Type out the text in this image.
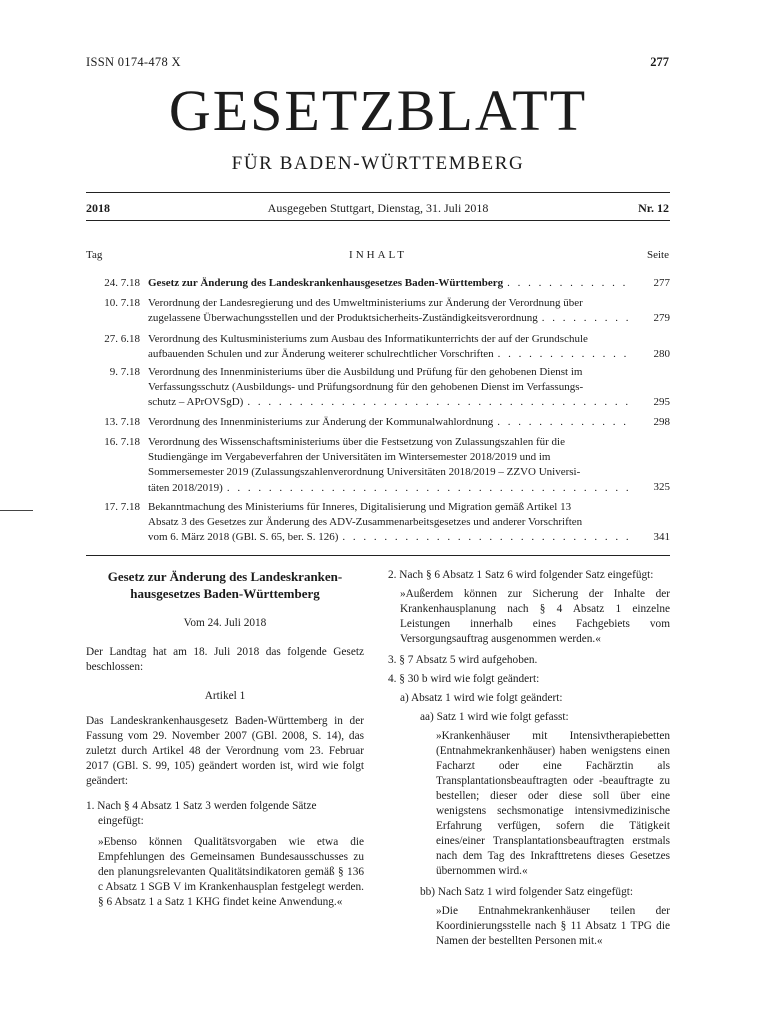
ISSN 0174-478 X	277
GESETZBLATT
FÜR BADEN-WÜRTTEMBERG
2018	Ausgegeben Stuttgart, Dienstag, 31. Juli 2018	Nr. 12
Tag	INHALT	Seite
24. 7.18 Gesetz zur Änderung des Landeskrankenhausgesetzes Baden-Württemberg . . .	277
10. 7.18 Verordnung der Landesregierung und des Umweltministeriums zur Änderung der Verordnung über
zugelassene Überwachungsstellen und der Produktsicherheits-Zuständigkeitsverordnung . . .	279
27. 6.18 Verordnung des Kultusministeriums zum Ausbau des Informatikunterrichts der auf der Grundschule
aufbauenden Schulen und zur Änderung weiterer schulrechtlicher Vorschriften . . .	280
9. 7.18 Verordnung des Innenministeriums über die Ausbildung und Prüfung für den gehobenen Dienst im
Verfassungsschutz (Ausbildungs- und Prüfungsordnung für den gehobenen Dienst im Verfassungs-
schutz – APrOVSgD) . . .	295
13. 7.18 Verordnung des Innenministeriums zur Änderung der Kommunalwahlordnung . . .	298
16. 7.18 Verordnung des Wissenschaftsministeriums über die Festsetzung von Zulassungszahlen für die
Studiengänge im Vergabeverfahren der Universitäten im Wintersemester 2018/2019 und im
Sommersemester 2019 (Zulassungszahlenverordnung Universitäten 2018/2019 – ZZVO Universi-
täten 2018/2019) . . .	325
17. 7.18 Bekanntmachung des Ministeriums für Inneres, Digitalisierung und Migration gemäß Artikel 13
Absatz 3 des Gesetzes zur Änderung des ADV-Zusammenarbeitsgesetzes und anderer Vorschriften
vom 6. März 2018 (GBl. S. 65, ber. S. 126) . . .	341

Gesetz zur Änderung des Landeskranken-hausgesetzes Baden-Württemberg

Vom 24. Juli 2018

Der Landtag hat am 18. Juli 2018 das folgende Gesetz beschlossen:

Artikel 1

Das Landeskrankenhausgesetz Baden-Württemberg in der Fassung vom 29. November 2007 (GBl. 2008, S. 14), das zuletzt durch Artikel 48 der Verordnung vom 23. Februar 2017 (GBl. S. 99, 105) geändert worden ist, wird wie folgt geändert:

1. Nach § 4 Absatz 1 Satz 3 werden folgende Sätze eingefügt:

»Ebenso können Qualitätsvorgaben wie etwa die Empfehlungen des Gemeinsamen Bundesausschusses zu den planungsrelevanten Qualitätsindikatoren gemäß § 136 c Absatz 1 SGB V im Krankenhausplan festgelegt werden. § 6 Absatz 1 a Satz 1 KHG findet keine Anwendung.«

2. Nach § 6 Absatz 1 Satz 6 wird folgender Satz eingefügt:

»Außerdem können zur Sicherung der Inhalte der Krankenhausplanung nach § 4 Absatz 1 einzelne Leistungen innerhalb eines Fachgebiets vom Versorgungsauftrag ausgenommen werden.«

3. § 7 Absatz 5 wird aufgehoben.

4. § 30 b wird wie folgt geändert:

a) Absatz 1 wird wie folgt geändert:

aa) Satz 1 wird wie folgt gefasst:

»Krankenhäuser mit Intensivtherapiebetten (Entnahmekrankenhäuser) haben wenigstens einen Facharzt oder eine Fachärztin als Transplantationsbeauftragten oder -beauftragte zu bestellen; dieser oder diese soll über eine wenigstens sechsmonatige intensivmedizinische Erfahrung verfügen, sofern die Tätigkeit eines/einer Transplantationsbeauftragten erstmals nach dem Tag des Inkrafttretens dieses Gesetzes übernommen wird.«

bb) Nach Satz 1 wird folgender Satz eingefügt:

»Die Entnahmekrankenhäuser teilen der Koordinierungsstelle nach § 11 Absatz 1 TPG die Namen der bestellten Personen mit.«
